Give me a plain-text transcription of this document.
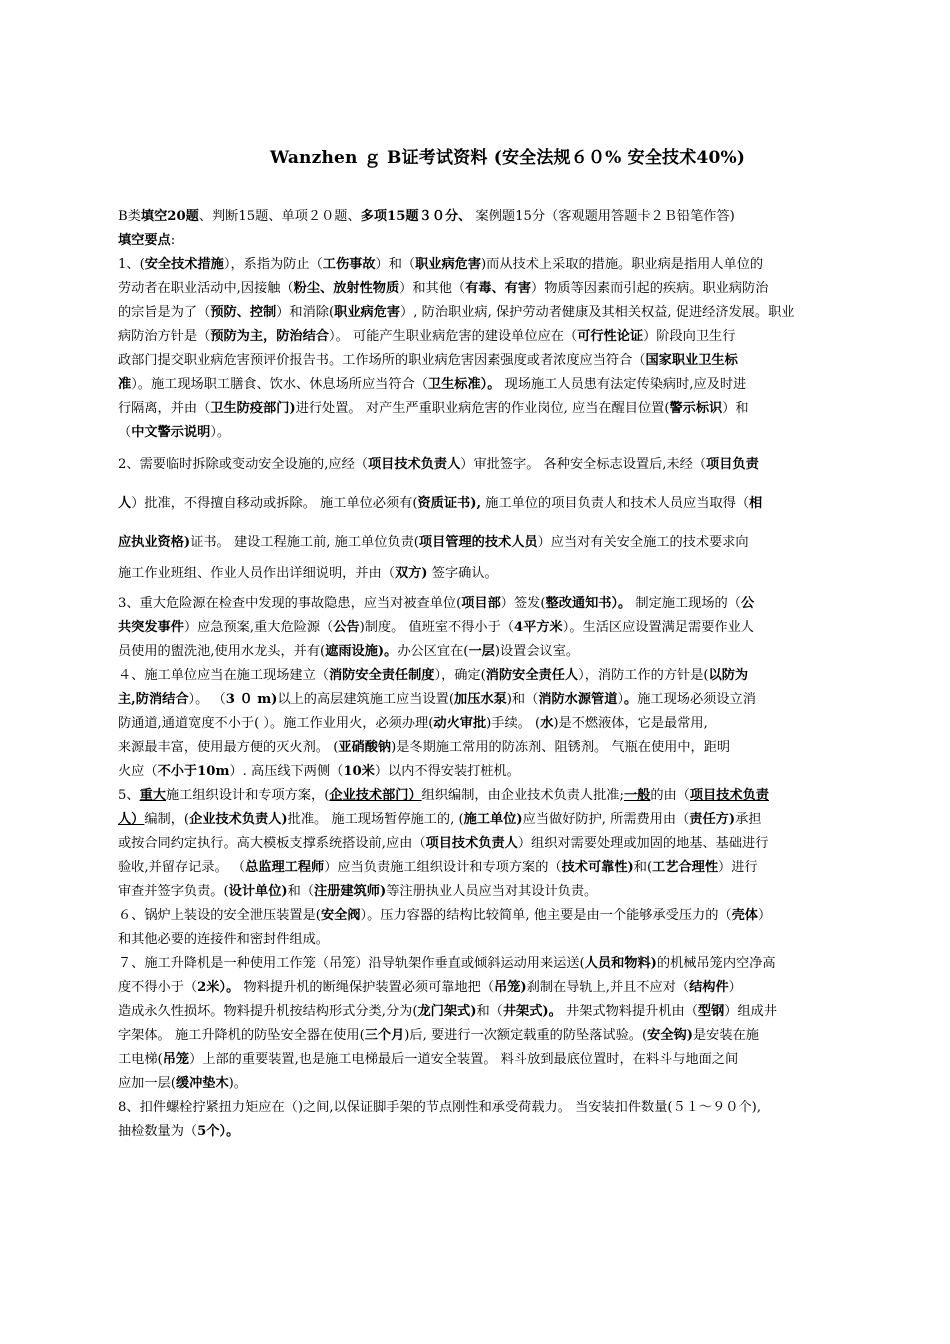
Wanzhen ｇ B证考试资料 (安全法规６０% 安全技术40%)
B类填空20题、判断15题、单项２０题、多项15题３０分、 案例题15分（客观题用答题卡２Ｂ铅笔作答)
填空要点:
1、(安全技术措施），系指为防止（工伤事故）和（职业病危害)而从技术上采取的措施。职业病是指用人单位的
劳动者在职业活动中,因接触（粉尘、放射性物质）和其他（有毒、有害）物质等因素而引起的疾病。职业病防治
的宗旨是为了（预防、控制）和消除(职业病危害）, 防治职业病, 保护劳动者健康及其相关权益, 促进经济发展。职业
病防治方针是（预防为主，防治结合）。 可能产生职业病危害的建设单位应在（可行性论证）阶段向卫生行
政部门提交职业病危害预评价报告书。工作场所的职业病危害因素强度或者浓度应当符合（国家职业卫生标
准）。施工现场职工膳食、饮水、休息场所应当符合（卫生标准）。 现场施工人员患有法定传染病时,应及时进
行隔离，并由（卫生防疫部门)进行处置。 对产生严重职业病危害的作业岗位, 应当在醒目位置(警示标识）和
（中文警示说明）。
2、需要临时拆除或变动安全设施的,应经（项目技术负责人）审批签字。 各种安全标志设置后,未经（项目负责
人）批准，不得擅自移动或拆除。 施工单位必须有(资质证书), 施工单位的项目负责人和技术人员应当取得（相
应执业资格)证书。 建设工程施工前, 施工单位负责(项目管理的技术人员）应当对有关安全施工的技术要求向
施工作业班组、作业人员作出详细说明，并由（双方) 签字确认。
3、重大危险源在检查中发现的事故隐患，应当对被查单位(项目部）签发(整改通知书）。 制定施工现场的（公
共突发事件）应急预案,重大危险源（公告)制度。 值班室不得小于（4平方米）。生活区应设置满足需要作业人
员使用的盥洗池,使用水龙头，并有(遮雨设施)。办公区宜在(一层)设置会议室。
４、施工单位应当在施工现场建立（消防安全责任制度），确定(消防安全责任人），消防工作的方针是(以防为
主,防消结合）。 （3 ０ m)以上的高层建筑施工应当设置(加压水泵)和（消防水源管道）。施工现场必须设立消
防通道,通道宽度不小于( ）。施工作业用火，必须办理(动火审批)手续。 (水)是不燃液体，它是最常用,
来源最丰富，使用最方便的灭火剂。 (亚硝酸钠)是冬期施工常用的防冻剂、阻锈剂。 气瓶在使用中，距明
火应（不小于10m）. 高压线下两侧（10米）以内不得安装打桩机。
5、重大施工组织设计和专项方案，(企业技术部门）组织编制，由企业技术负责人批准;一般的由（项目技术负责
人）编制，(企业技术负责人)批准。 施工现场暂停施工的, (施工单位)应当做好防护, 所需费用由（责任方)承担
或按合同约定执行。高大模板支撑系统搭设前,应由（项目技术负责人）组织对需要处理或加固的地基、基础进行
验收,并留存记录。 （总监理工程师）应当负责施工组织设计和专项方案的（技术可靠性)和(工艺合理性）进行
审查并签字负责。(设计单位)和（注册建筑师)等注册执业人员应当对其设计负责。
６、锅炉上装设的安全泄压装置是(安全阀）。压力容器的结构比较简单, 他主要是由一个能够承受压力的（壳体）
和其他必要的连接件和密封件组成。
７、施工升降机是一种使用工作笼（吊笼）沿导轨架作垂直或倾斜运动用来运送(人员和物料)的机械吊笼内空净高
度不得小于（2米）。 物料提升机的断绳保护装置必须可靠地把（吊笼)刹制在导轨上,并且不应对（结构件）
造成永久性损坏。物料提升机按结构形式分类,分为(龙门架式)和（井架式)。 井架式物料提升机由（型钢）组成井
字架体。 施工升降机的防坠安全器在使用(三个月)后, 要进行一次额定载重的防坠落试验。(安全钩)是安装在施
工电梯(吊笼）上部的重要装置,也是施工电梯最后一道安全装置。 料斗放到最底位置时，在料斗与地面之间
应加一层(缓冲垫木)。
8、扣件螺栓拧紧扭力矩应在（)之间,以保证脚手架的节点刚性和承受荷载力。 当安装扣件数量(５１～９０个),
抽检数量为（5个）。
